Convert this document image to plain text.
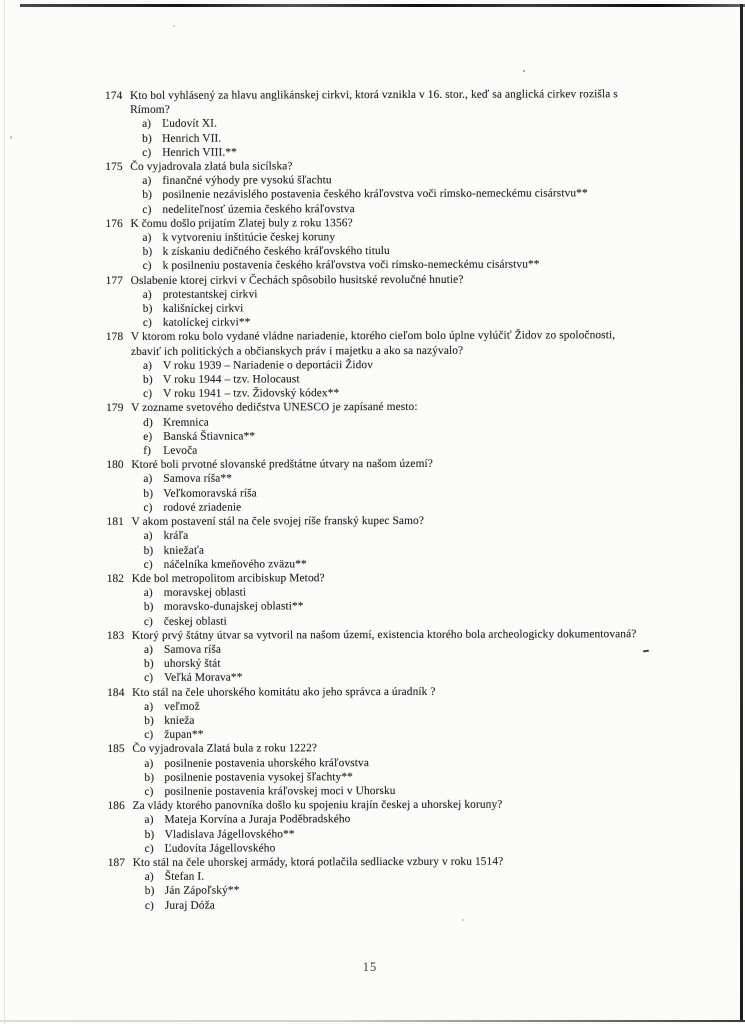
174 Kto bol vyhlásený za hlavu anglikánskej cirkvi, ktorá vznikla v 16. stor., keď sa anglická cirkev rozišla s
Rímom?
a) Ľudovít XI.
b) Henrich VII.
c) Henrich VIII.**
175 Čo vyjadrovala zlatá bula sicílska?
a) finančné výhody pre vysokú šľachtu
b) posilnenie nezávislého postavenia českého kráľovstva voči rímsko-nemeckému cisárstvu**
c) nedeliteľnosť územia českého kráľovstva
176 K čomu došlo prijatím Zlatej buly z roku 1356?
a) k vytvoreniu inštitúcie českej koruny
b) k získaniu dedičného českého kráľovského titulu
c) k posilneniu postavenia českého kráľovstva voči rímsko-nemeckému cisárstvu**
177 Oslabenie ktorej cirkvi v Čechách spôsobilo husitské revolučné hnutie?
a) protestantskej cirkvi
b) kališníckej cirkvi
c) katolíckej cirkvi**
178 V ktorom roku bolo vydané vládne nariadenie, ktorého cieľom bolo úplne vylúčiť Židov zo spoločnosti,
zbaviť ich politických a občianskych práv i majetku a ako sa nazývalo?
a) V roku 1939 – Nariadenie o deportácii Židov
b) V roku 1944 – tzv. Holocaust
c) V roku 1941 – tzv. Židovský kódex**
179 V zozname svetového dedičstva UNESCO je zapísané mesto:
d) Kremnica
e) Banská Štiavnica**
f)	Levoča
180 Ktoré boli prvotné slovanské predštátne útvary na našom území?
a) Samova ríša**
b) Veľkomoravská ríša
c) rodové zriadenie
181 V akom postavení stál na čele svojej ríše franský kupec Samo?
a) kráľa
b) kniežaťa
c) náčelníka kmeňového zväzu**
182 Kde bol metropolitom arcibiskup Metod?
a) moravskej oblasti
b) moravsko-dunajskej oblasti**
c) českej oblasti
183 Ktorý prvý štátny útvar sa vytvoril na našom území, existencia ktorého bola archeologicky dokumentovaná?
a) Samova ríša
b) uhorský štát
c) Veľká Morava**
184 Kto stál na čele uhorského komitátu ako jeho správca a úradník ?
a) veľmož
b) knieža
c) župan**
185 Čo vyjadrovala Zlatá bula z roku 1222?
a) posilnenie postavenia uhorského kráľovstva
b) posilnenie postavenia vysokej šľachty**
c) posilnenie postavenia kráľovskej moci v Uhorsku
186 Za vlády ktorého panovníka došlo ku spojeniu krajín českej a uhorskej koruny?
a) Mateja Korvína a Juraja Poděbradského
b) Vladislava Jágellovského**
c) Ľudovíta Jágellovského
187 Kto stál na čele uhorskej armády, ktorá potlačila sedliacke vzbury v roku 1514?
a) Štefan I.
b) Ján Zápoľský**
c) Juraj Dóža
15
